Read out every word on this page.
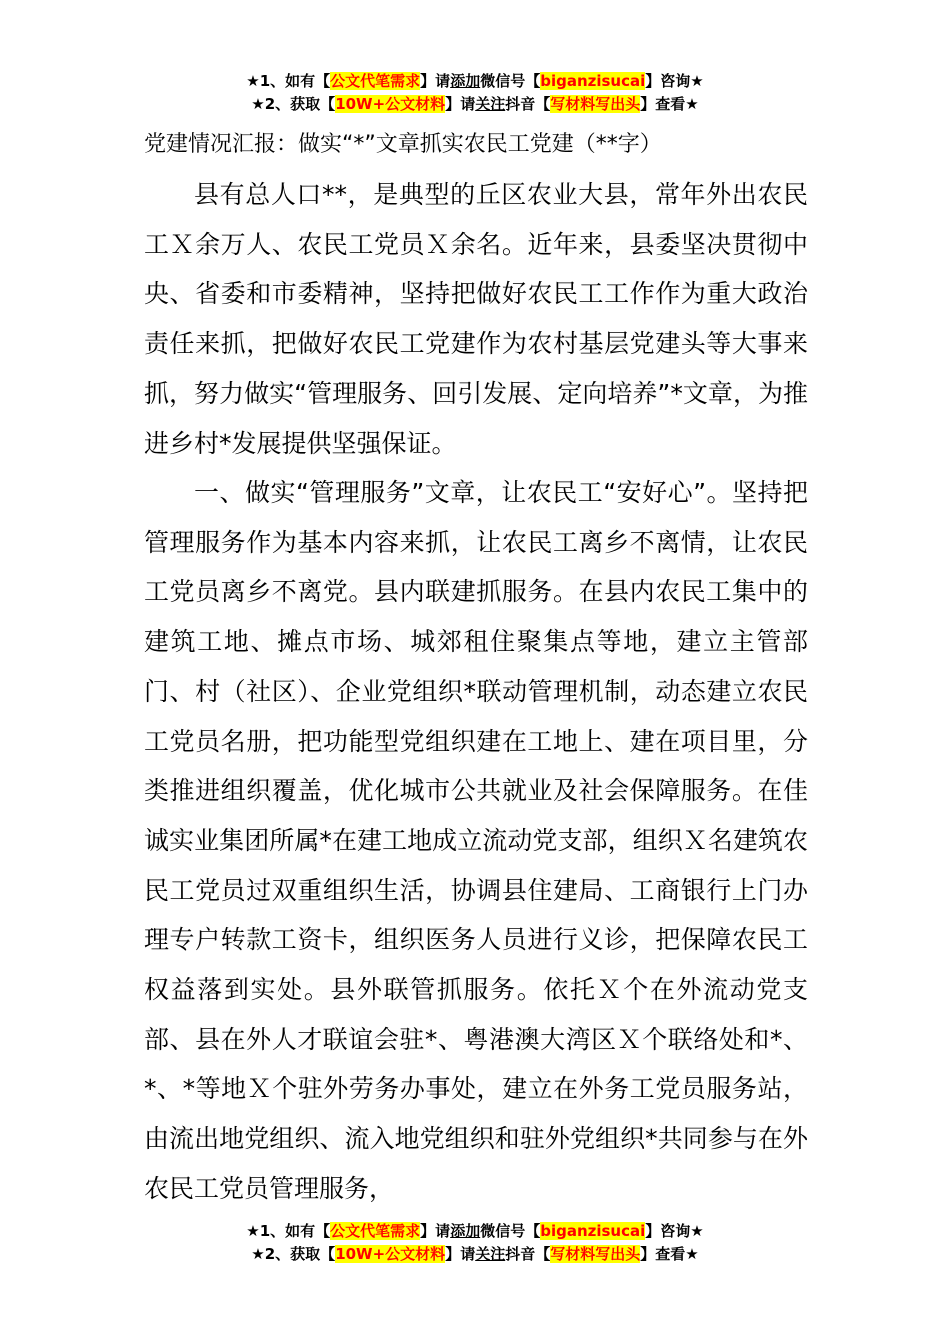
★1、如有【公文代笔需求】请添加微信号【biganzisucai】咨询★
★2、获取【10W+公文材料】请关注抖音【写材料写出头】查看★
党建情况汇报：做实“*”文章抓实农民工党建（**字）

县有总人口**，是典型的丘区农业大县，常年外出农民工Ｘ余万人、农民工党员Ｘ余名。近年来，县委坚决贯彻中央、省委和市委精神，坚持把做好农民工工作作为重大政治责任来抓，把做好农民工党建作为农村基层党建头等大事来抓，努力做实“管理服务、回引发展、定向培养”*文章，为推进乡村*发展提供坚强保证。

一、做实“管理服务”文章，让农民工“安好心”。坚持把管理服务作为基本内容来抓，让农民工离乡不离情，让农民工党员离乡不离党。县内联建抓服务。在县内农民工集中的建筑工地、摊点市场、城郊租住聚集点等地，建立主管部门、村（社区）、企业党组织*联动管理机制，动态建立农民工党员名册，把功能型党组织建在工地上、建在项目里，分类推进组织覆盖，优化城市公共就业及社会保障服务。在佳诚实业集团所属*在建工地成立流动党支部，组织Ｘ名建筑农民工党员过双重组织生活，协调县住建局、工商银行上门办理专户转款工资卡，组织医务人员进行义诊，把保障农民工权益落到实处。县外联管抓服务。依托Ｘ个在外流动党支部、县在外人才联谊会驻*、粤港澳大湾区Ｘ个联络处和*、*、*等地Ｘ个驻外劳务办事处，建立在外务工党员服务站，由流出地党组织、流入地党组织和驻外党组织*共同参与在外农民工党员管理服务，

★1、如有【公文代笔需求】请添加微信号【biganzisucai】咨询★
★2、获取【10W+公文材料】请关注抖音【写材料写出头】查看★
